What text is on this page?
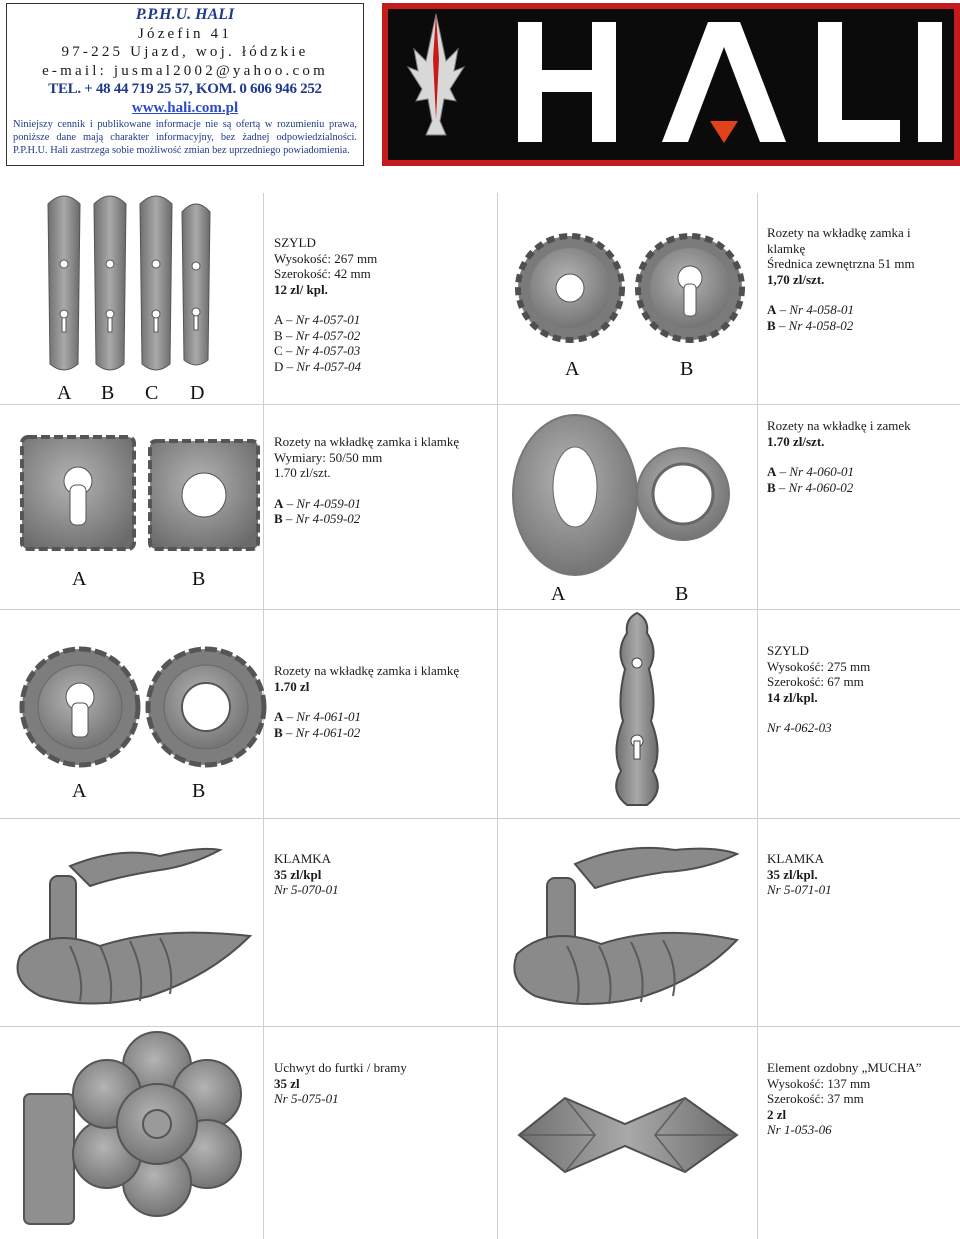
P.P.H.U. HALI
Józefin 41
97-225 Ujazd, woj. łódzkie
e-mail: jusmal2002@yahoo.com
TEL. + 48 44 719 25 57, KOM. 0 606 946 252
www.hali.com.pl
Niniejszy cennik i publikowane informacje nie są ofertą w rozumieniu prawa, poniższe dane mają charakter informacyjny, bez żadnej odpowiedzialności. P.P.H.U. Hali zastrzega sobie możliwość zmian bez uprzedniego powiadomienia.
A B C D
SZYLD
Wysokość: 267 mm
Szerokość: 42 mm
12 zl/ kpl.
A – Nr 4-057-01
B – Nr 4-057-02
C – Nr 4-057-03
D – Nr 4-057-04	A	B
Rozety na wkładkę zamka i klamkę
Średnica zewnętrzna 51 mm
1,70 zl/szt.
A – Nr 4-058-01
B – Nr 4-058-02
A	B
Rozety na wkładkę zamka i klamkę
Wymiary: 50/50 mm
1.70 zl/szt.
A – Nr 4-059-01
B – Nr 4-059-02
A	B
Rozety na wkładkę i zamek
1.70 zl/szt.
A – Nr 4-060-01
B – Nr 4-060-02
A	B
Rozety na wkładkę zamka i klamkę
1.70 zl
A – Nr 4-061-01
B – Nr 4-061-02
SZYLD
Wysokość: 275 mm
Szerokość: 67 mm
14 zl/kpl.
Nr 4-062-03
KLAMKA
35 zl/kpl
Nr 5-070-01
KLAMKA
35 zl/kpl.
Nr 5-071-01
Uchwyt do furtki / bramy
35 zl
Nr 5-075-01
Element ozdobny „MUCHA”
Wysokość: 137 mm
Szerokość: 37 mm
2 zl
Nr 1-053-06
